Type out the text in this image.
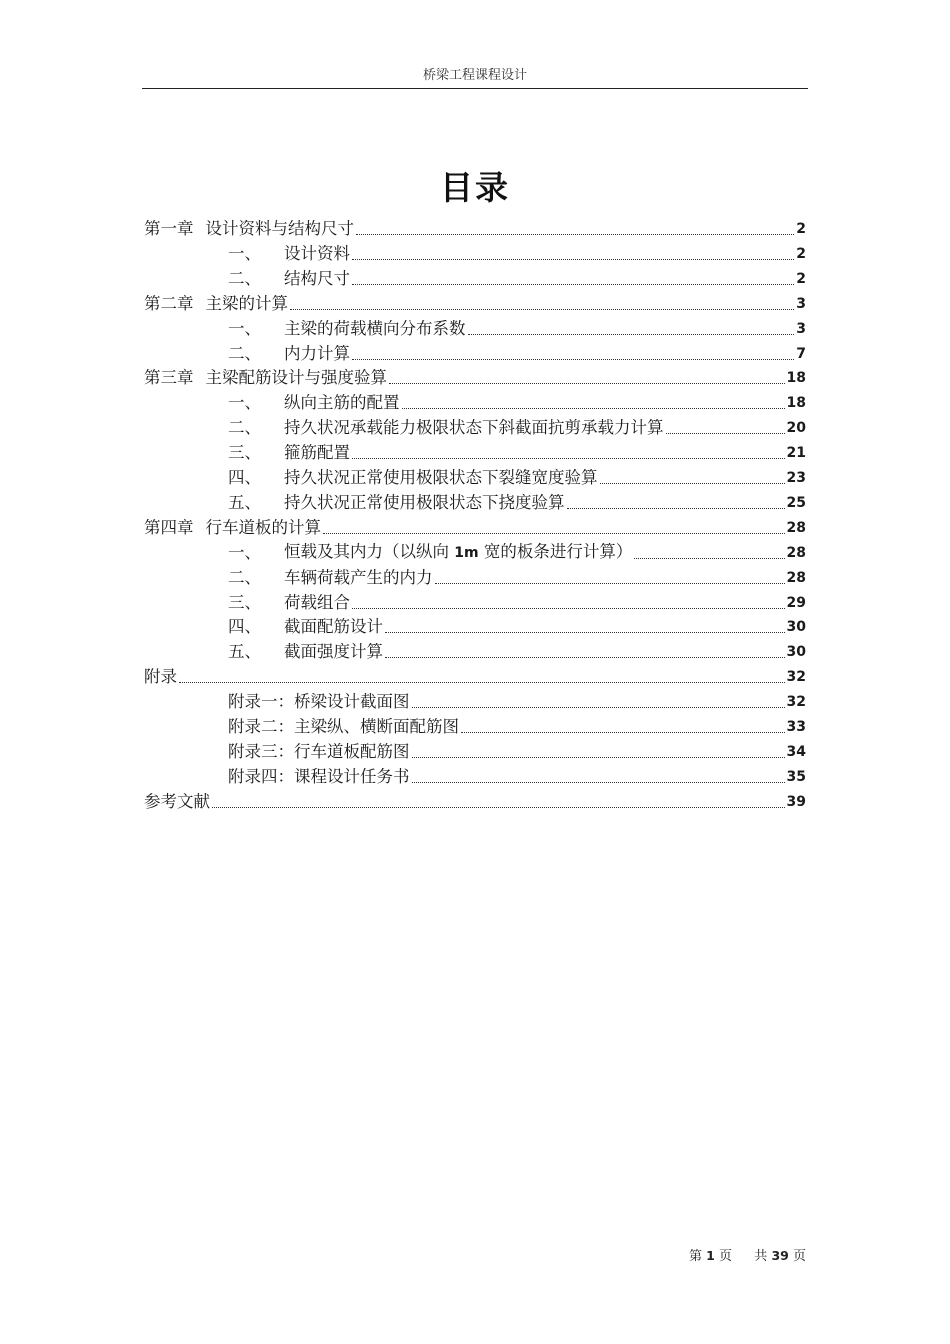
桥梁工程课程设计
目录
第一章 设计资料与结构尺寸	2
一、	设计资料	2
二、	结构尺寸	2
第二章 主梁的计算	3
一、	主梁的荷载横向分布系数	3
二、	内力计算	7
第三章 主梁配筋设计与强度验算	18
一、	纵向主筋的配置	18
二、	持久状况承载能力极限状态下斜截面抗剪承载力计算	20
三、	箍筋配置	21
四、	持久状况正常使用极限状态下裂缝宽度验算	23
五、	持久状况正常使用极限状态下挠度验算	25
第四章 行车道板的计算	28
一、	恒载及其内力（以纵向 1m 宽的板条进行计算）	28
二、	车辆荷载产生的内力	28
三、	荷载组合	29
四、	截面配筋设计	30
五、	截面强度计算	30
附录	32
附录一：桥梁设计截面图	32
附录二：主梁纵、横断面配筋图	33
附录三：行车道板配筋图	34
附录四：课程设计任务书	35
参考文献	39
第 1 页 共 39 页
